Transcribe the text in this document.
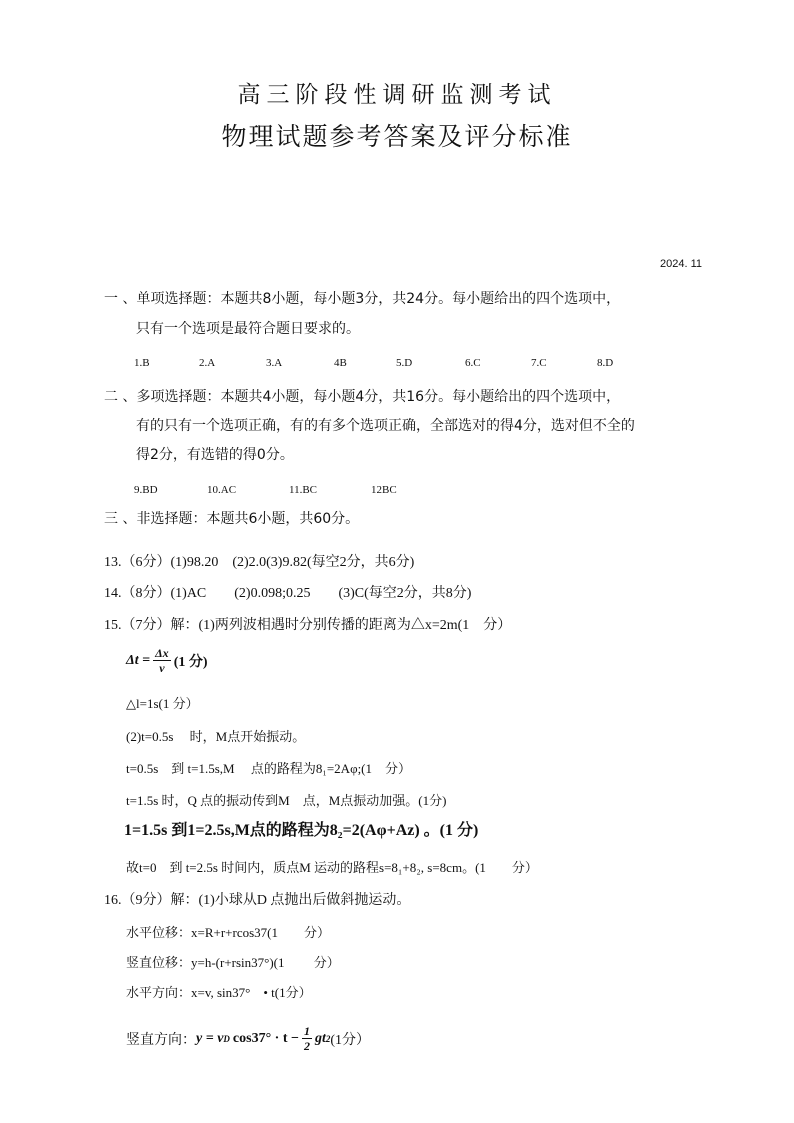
高三阶段性调研监测考试
物理试题参考答案及评分标准
2024. 11
一 、单项选择题：本题共8小题，每小题3分，共24分。每小题给出的四个选项中，
只有一个选项是最符合题日要求的。
1.B	2.A	3.A	4B	5.D	6.C	7.C	8.D
二 、多项选择题：本题共4小题，每小题4分，共16分。每小题给出的四个选项中，
有的只有一个选项正确，有的有多个选项正确，全部选对的得4分，选对但不全的
得2分，有选错的得0分。
9.BD	10.AC	11.BC	12BC
三 、非选择题：本题共6小题，共60分。
13.（6分）(1)98.20　(2)2.0(3)9.82(每空2分，共6分)
14.（8分）(1)AC　　(2)0.098;0.25　　(3)C(每空2分，共8分)
15.（7分）解：(1)两列波相遇时分别传播的距离为△x=2m(1　分）
$\Delta t = \frac{\Delta x}{v} (1$ 分)
△l=1s(1 分）
(2)t=0.5s　 时，M点开始振动。
t=0.5s　到 t=1.5s,M　 点的路程为8₁=2Aφ;(1　分）
t=1.5s 时，Q 点的振动传到M　点，M点振动加强。(1分)
1=1.5s 到1=2.5s,M点的路程为8₂=2(Aφ+Az) 。(1 分)
故t=0　到 t=2.5s 时间内，质点M 运动的路程s=8₁+8₂, s=8cm。(1　　分）
16.（9分）解：(1)小球从D 点抛出后做斜抛运动。
水平位移：x=R+r+rcos37(1　　分）
竖直位移：y=h-(r+rsin37°)(1　　 分）
水平方向：x=v, sin37°　• t(1分）
竖直方向： y = v D $\cos 37^\circ \cdot t - \frac{1}{2}$ gt 2 (1分）
